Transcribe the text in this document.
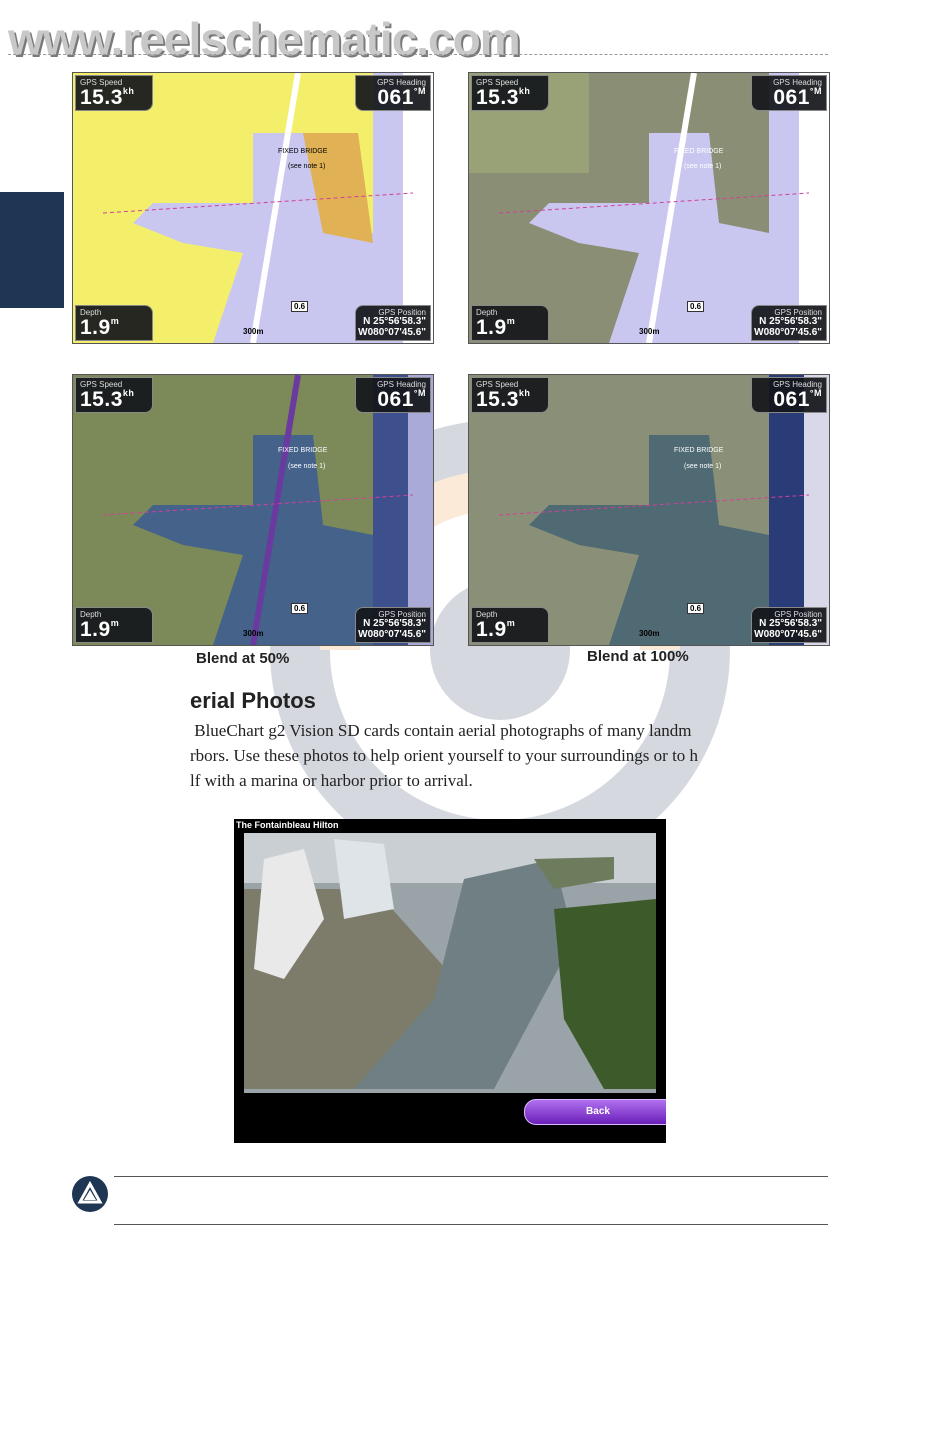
www.reelschematic.com
GPS Speed
$15.3^{kh}$
GPS Heading
$061^{^\circ M}$
Depth
1.9$^m$
GPS Position
N 25°56'58.3"
W080°07'45.6"
FIXED BRIDGE
(see note 1)
300m
0.6
GPS Speed
$15.3^{kh}$
GPS Heading
$061^{^\circ M}$
Depth
1.9$^m$
GPS Position
N 25°56'58.3"
W080°07'45.6"
FIXED BRIDGE
(see note 1)
300m
0.6
GPS Speed
$15.3^{kh}$
GPS Heading
$061^{^\circ M}$
Depth
1.9$^m$
GPS Position
N 25°56'58.3"
W080°07'45.6"
FIXED BRIDGE
(see note 1)
300m
0.6
GPS Speed
$15.3^{kh}$
GPS Heading
$061^{^\circ M}$
Depth
1.9$^m$
GPS Position
N 25°56'58.3"
W080°07'45.6"
FIXED BRIDGE
(see note 1)
300m
0.6
Blend at 50%	Blend at 100%
erial Photos
BlueChart g2 Vision SD cards contain aerial photographs of many landm
rbors. Use these photos to help orient yourself to your surroundings or to h
lf with a marina or harbor prior to arrival.
The Fontainbleau Hilton
Back
